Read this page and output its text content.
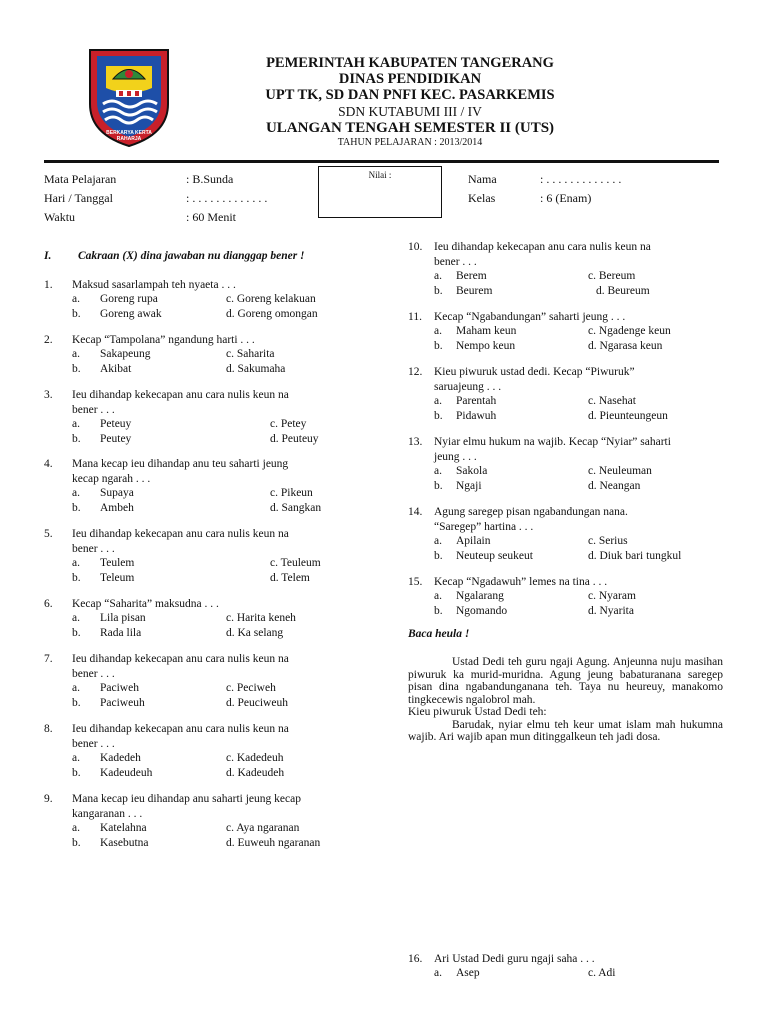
BERKARYA KERTA RAHARJA
PEMERINTAH KABUPATEN TANGERANG
DINAS PENDIDIKAN
UPT TK, SD DAN PNFI KEC. PASARKEMIS
SDN KUTABUMI III / IV
ULANGAN TENGAH SEMESTER II (UTS)
TAHUN PELAJARAN : 2013/2014
Mata Pelajaran	: B.Sunda
Hari / Tanggal	: . . . . . . . . . . . . .
Waktu	: 60 Menit
Nilai :	Nama	: . . . . . . . . . . . . .
Kelas	: 6 (Enam)
I. Cakraan (X) dina jawaban nu dianggap bener !
1. Maksud sasarlampah teh nyaeta . . .
a. Goreng rupa	c. Goreng kelakuan
b. Goreng awak	d. Goreng omongan
2. Kecap “Tampolana” ngandung harti . . .
a. Sakapeung	c. Saharita
b. Akibat	d. Sakumaha
3. Ieu dihandap kekecapan anu cara nulis keun na
bener . . .
a. Peteuy	c. Petey
b. Peutey	d. Peuteuy
4. Mana kecap ieu dihandap anu teu saharti jeung
kecap ngarah . . .
a. Supaya	c. Pikeun
b. Ambeh	d. Sangkan
5. Ieu dihandap kekecapan anu cara nulis keun na
bener . . .
a. Teulem	c. Teuleum
b. Teleum	d. Telem
6. Kecap “Saharita” maksudna . . .
a. Lila pisan	c. Harita keneh
b. Rada lila	d. Ka selang
7. Ieu dihandap kekecapan anu cara nulis keun na
bener . . .
a. Paciweh	c. Peciweh
b. Paciweuh	d. Peuciweuh
8. Ieu dihandap kekecapan anu cara nulis keun na
bener . . .
a. Kadedeh	c. Kadedeuh
b. Kadeudeuh	d. Kadeudeh
9. Mana kecap ieu dihandap anu saharti jeung kecap
kangaranan . . .
a. Katelahna	c. Aya ngaranan
b. Kasebutna	d. Euweuh ngaranan
10. Ieu dihandap kekecapan anu cara nulis keun na
bener . . .
a. Berem	c. Bereum
b. Beurem	d. Beureum
11. Kecap “Ngabandungan” saharti jeung . . .
a. Maham keun	c. Ngadenge keun
b. Nempo keun	d. Ngarasa keun
12. Kieu piwuruk ustad dedi. Kecap “Piwuruk”
saruajeung . . .
a. Parentah	c. Nasehat
b. Pidawuh	d. Pieunteungeun
13. Nyiar elmu hukum na wajib. Kecap “Nyiar” saharti
jeung . . .
a. Sakola	c. Neuleuman
b. Ngaji	d. Neangan
14. Agung saregep pisan ngabandungan nana.
“Saregep” hartina . . .
a. Apilain	c. Serius
b. Neuteup seukeut	d. Diuk bari tungkul
15. Kecap “Ngadawuh” lemes na tina . . .
a. Ngalarang	c. Nyaram
b. Ngomando	d. Nyarita
16. Ari Ustad Dedi guru ngaji saha . . .
a. Asep	c. Adi
Baca heula !

Ustad Dedi teh guru ngaji Agung. Anjeunna nuju masihan piwuruk ka murid-muridna. Agung jeung babaturanana saregep pisan dina ngabandunganana teh. Taya nu heureuy, manakomo tingkecewis ngalobrol mah.

Kieu piwuruk Ustad Dedi teh:

Barudak, nyiar elmu teh keur umat islam mah hukumna wajib. Ari wajib apan mun ditinggalkeun teh jadi dosa.
